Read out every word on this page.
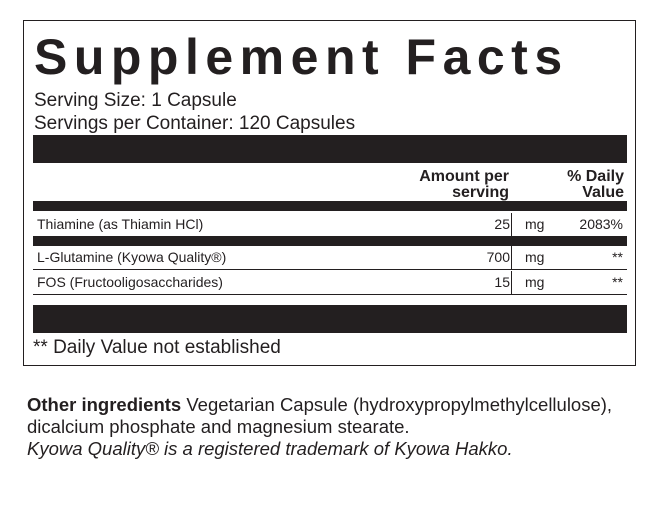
Supplement Facts
Serving Size: 1 Capsule
Servings per Container: 120 Capsules
Amount per serving
% Daily Value
Thiamine (as Thiamin HCl)	25 mg 2083%
L-Glutamine (Kyowa Quality®)	700 mg	**
FOS (Fructooligosaccharides)	15 mg	**
** Daily Value not established
Other ingredients Vegetarian Capsule (hydroxypropylmethylcellulose),
dicalcium phosphate and magnesium stearate.
Kyowa Quality® is a registered trademark of Kyowa Hakko.
